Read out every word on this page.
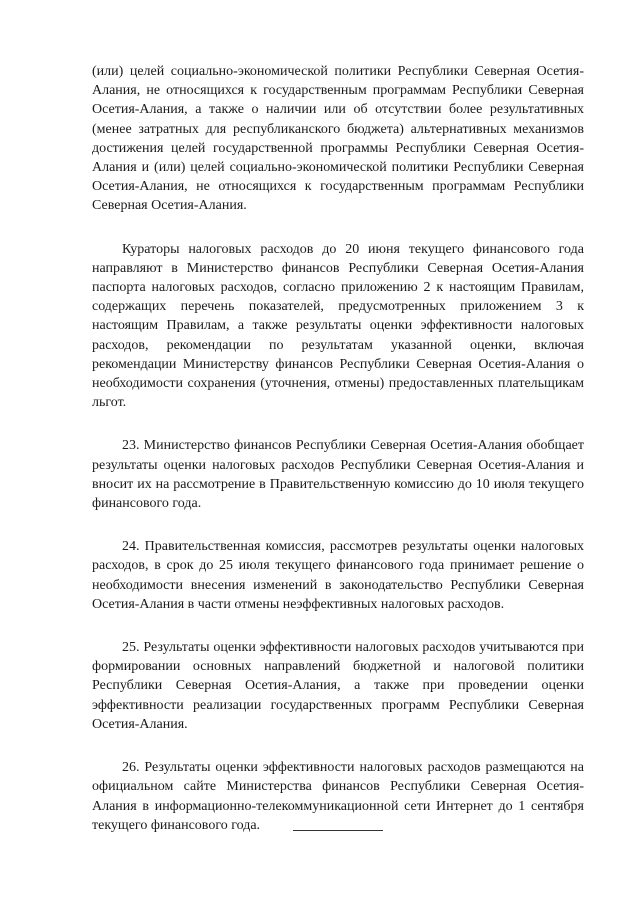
(или) целей социально-экономической политики Республики Северная Осетия-Алания, не относящихся к государственным программам Республики Северная Осетия-Алания, а также о наличии или об отсутствии более результативных (менее затратных для республиканского бюджета) альтернативных механизмов достижения целей государственной программы Республики Северная Осетия-Алания и (или) целей социально-экономической политики Республики Северная Осетия-Алания, не относящихся к государственным программам Республики Северная Осетия-Алания.

Кураторы налоговых расходов до 20 июня текущего финансового года направляют в Министерство финансов Республики Северная Осетия-Алания паспорта налоговых расходов, согласно приложению 2 к настоящим Правилам, содержащих перечень показателей, предусмотренных приложением 3 к настоящим Правилам, а также результаты оценки эффективности налоговых расходов, рекомендации по результатам указанной оценки, включая рекомендации Министерству финансов Республики Северная Осетия-Алания о необходимости сохранения (уточнения, отмены) предоставленных плательщикам льгот.

23. Министерство финансов Республики Северная Осетия-Алания обобщает результаты оценки налоговых расходов Республики Северная Осетия-Алания и вносит их на рассмотрение в Правительственную комиссию до 10 июля текущего финансового года.

24. Правительственная комиссия, рассмотрев результаты оценки налоговых расходов, в срок до 25 июля текущего финансового года принимает решение о необходимости внесения изменений в законодательство Республики Северная Осетия-Алания в части отмены неэффективных налоговых расходов.

25. Результаты оценки эффективности налоговых расходов учитываются при формировании основных направлений бюджетной и налоговой политики Республики Северная Осетия-Алания, а также при проведении оценки эффективности реализации государственных программ Республики Северная Осетия-Алания.

26. Результаты оценки эффективности налоговых расходов размещаются на официальном сайте Министерства финансов Республики Северная Осетия-Алания в информационно-телекоммуникационной сети Интернет до 1 сентября текущего финансового года.
